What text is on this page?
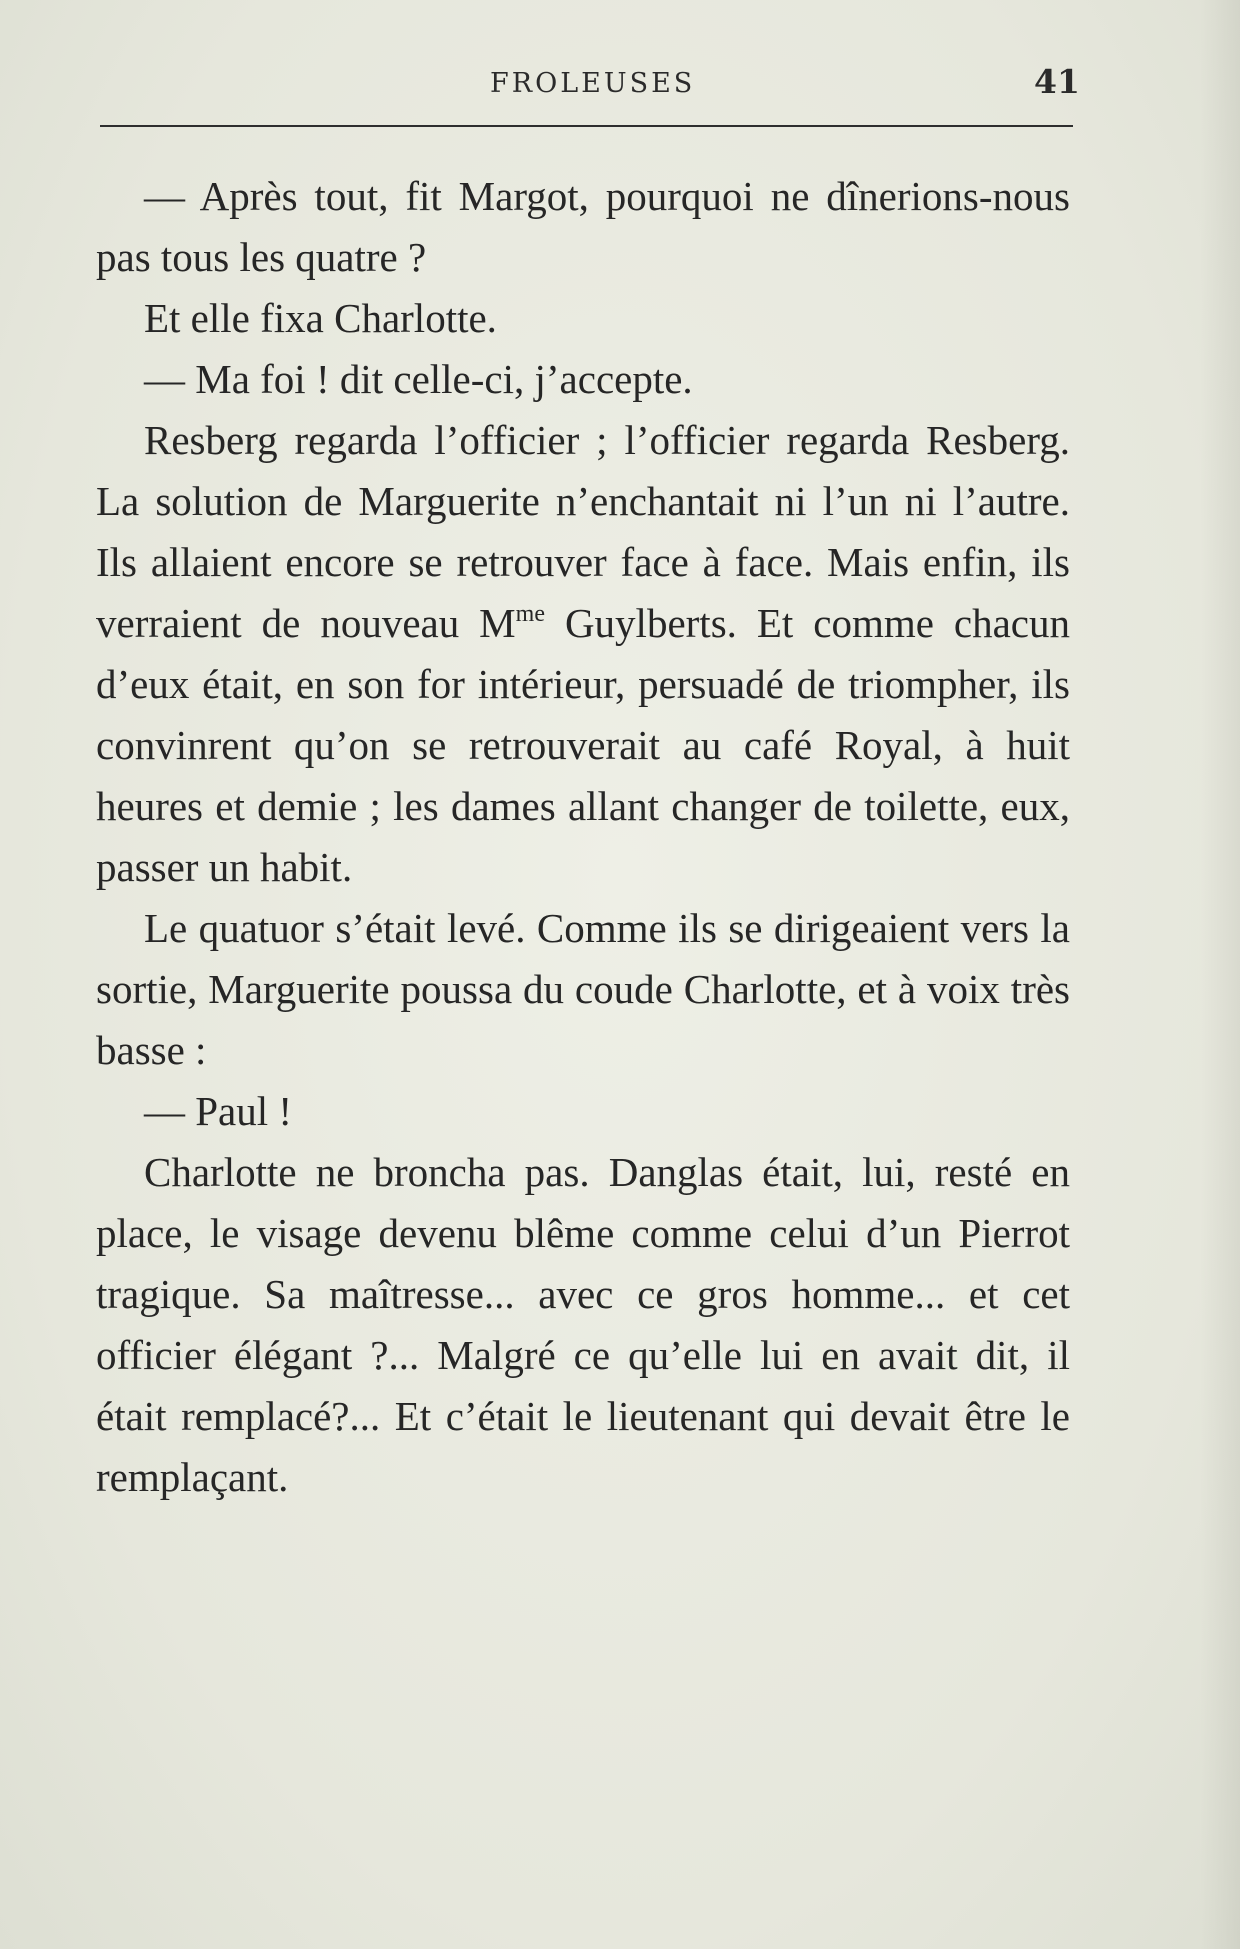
FROLEUSES	41

— Après tout, fit Margot, pourquoi ne dînerions-nous pas tous les quatre ?

Et elle fixa Charlotte.

— Ma foi ! dit celle-ci, j’accepte.

Resberg regarda l’officier ; l’officier regarda Resberg. La solution de Marguerite n’enchantait ni l’un ni l’autre. Ils allaient encore se retrouver face à face. Mais enfin, ils verraient de nouveau $M^{me}$ Guylberts. Et comme chacun d’eux était, en son for intérieur, persuadé de triompher, ils convinrent qu’on se retrouverait au café Royal, à huit heures et demie ; les dames allant changer de toilette, eux, passer un habit.

Le quatuor s’était levé. Comme ils se dirigeaient vers la sortie, Marguerite poussa du coude Charlotte, et à voix très basse :

— Paul !

Charlotte ne broncha pas. Danglas était, lui, resté en place, le visage devenu blême comme celui d’un Pierrot tragique. Sa maîtresse... avec ce gros homme... et cet officier élégant ?... Malgré ce qu’elle lui en avait dit, il était remplacé?... Et c’était le lieutenant qui devait être le remplaçant.
